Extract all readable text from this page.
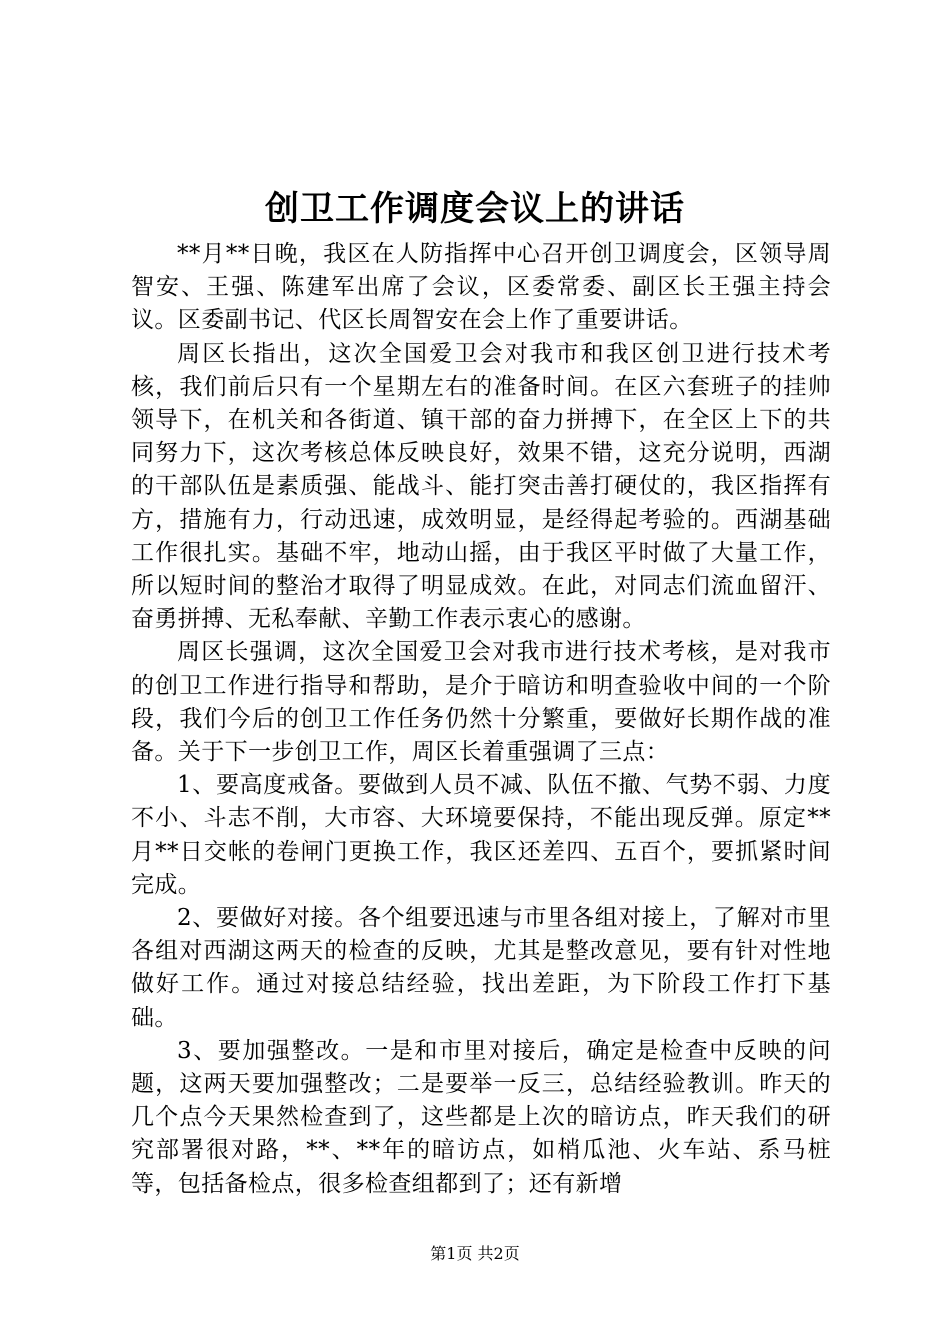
创卫工作调度会议上的讲话

**月**日晚，我区在人防指挥中心召开创卫调度会，区领导周智安、王强、陈建军出席了会议，区委常委、副区长王强主持会议。区委副书记、代区长周智安在会上作了重要讲话。

周区长指出，这次全国爱卫会对我市和我区创卫进行技术考核，我们前后只有一个星期左右的准备时间。在区六套班子的挂帅领导下，在机关和各街道、镇干部的奋力拼搏下，在全区上下的共同努力下，这次考核总体反映良好，效果不错，这充分说明，西湖的干部队伍是素质强、能战斗、能打突击善打硬仗的，我区指挥有方，措施有力，行动迅速，成效明显，是经得起考验的。西湖基础工作很扎实。基础不牢，地动山摇，由于我区平时做了大量工作，所以短时间的整治才取得了明显成效。在此，对同志们流血留汗、奋勇拼搏、无私奉献、辛勤工作表示衷心的感谢。

周区长强调，这次全国爱卫会对我市进行技术考核，是对我市的创卫工作进行指导和帮助，是介于暗访和明查验收中间的一个阶段，我们今后的创卫工作任务仍然十分繁重，要做好长期作战的准备。关于下一步创卫工作，周区长着重强调了三点：

1、要高度戒备。要做到人员不减、队伍不撤、气势不弱、力度不小、斗志不削，大市容、大环境要保持，不能出现反弹。原定**月**日交帐的卷闸门更换工作，我区还差四、五百个，要抓紧时间完成。

2、要做好对接。各个组要迅速与市里各组对接上，了解对市里各组对西湖这两天的检查的反映，尤其是整改意见，要有针对性地做好工作。通过对接总结经验，找出差距，为下阶段工作打下基础。

3、要加强整改。一是和市里对接后，确定是检查中反映的问题，这两天要加强整改；二是要举一反三，总结经验教训。昨天的几个点今天果然检查到了，这些都是上次的暗访点，昨天我们的研究部署很对路，**、**年的暗访点，如梢瓜池、火车站、系马桩等，包括备检点，很多检查组都到了；还有新增

第1页 共2页
